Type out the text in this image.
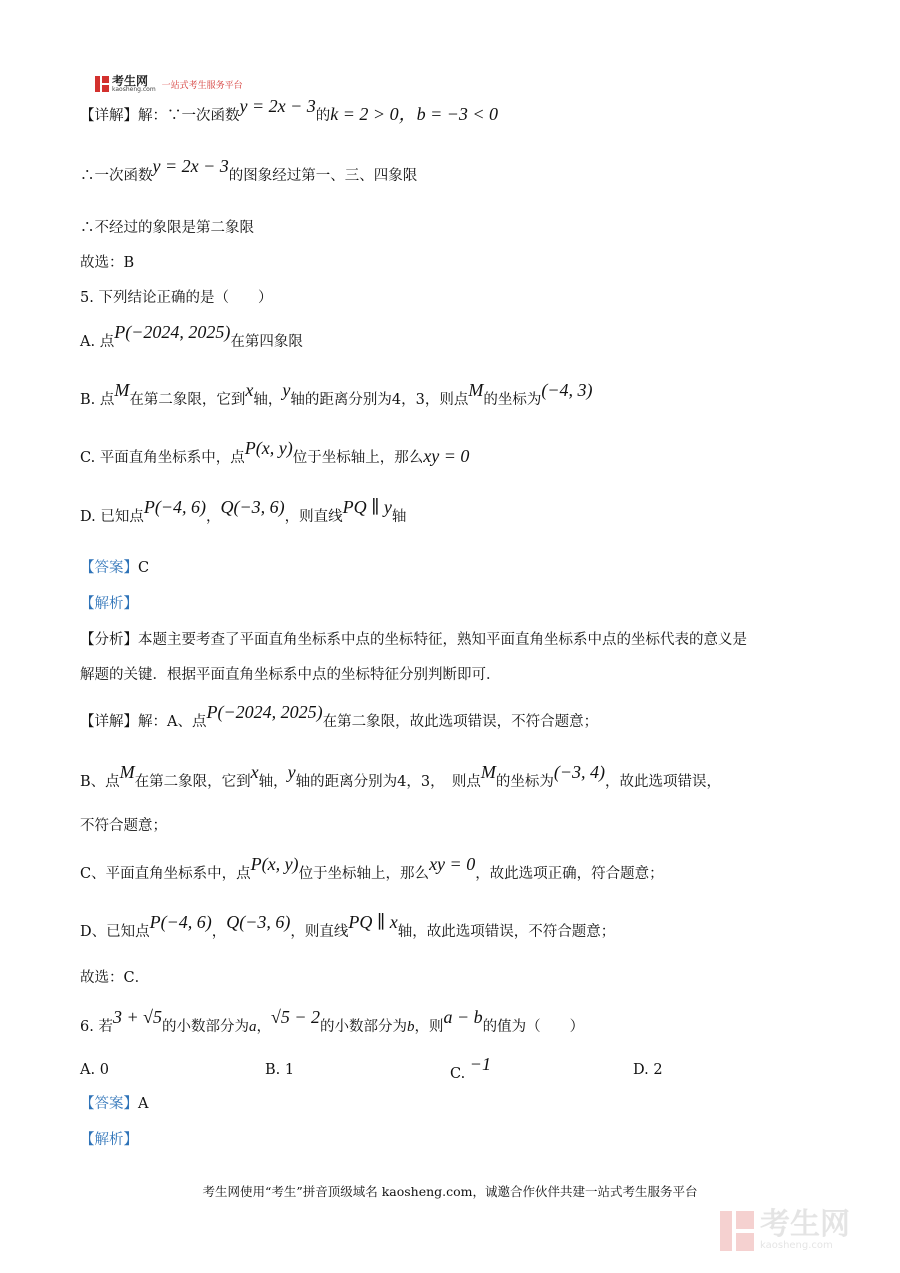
考生网
kaosheng.com 一站式考生服务平台
【详解】解：∵一次函数y = 2x − 3的k = 2 > 0，b = −3 < 0
∴一次函数y = 2x − 3的图象经过第一、三、四象限
∴不经过的象限是第二象限
故选：B
5. 下列结论正确的是（　　）
A. 点P(−2024, 2025)在第四象限
B. 点M在第二象限，它到x轴，y轴的距离分别为4，3，则点M的坐标为(−4, 3)
C. 平面直角坐标系中，点P(x, y)位于坐标轴上，那么xy = 0
D. 已知点P(−4, 6)，Q(−3, 6)，则直线PQ ∥ y轴
【答案】C
【解析】
【分析】本题主要考查了平面直角坐标系中点的坐标特征，熟知平面直角坐标系中点的坐标代表的意义是
解题的关键．根据平面直角坐标系中点的坐标特征分别判断即可．
【详解】解：A、点P(−2024, 2025)在第二象限，故此选项错误，不符合题意；
B、点M在第二象限，它到x轴，y轴的距离分别为4，3，　则点M的坐标为(−3, 4)，故此选项错误，
不符合题意；
C、平面直角坐标系中，点P(x, y)位于坐标轴上，那么xy = 0，故此选项正确，符合题意；
D、已知点P(−4, 6)，Q(−3, 6)，则直线PQ ∥ x轴，故此选项错误，不符合题意；
故选：C．
6. 若3 + √5的小数部分为a，√5 − 2的小数部分为b，则a − b的值为（　　）
A. 0	B. 1	C. −1	D. 2
【答案】A
【解析】
考生网使用“考生”拼音顶级域名 kaosheng.com，诚邀合作伙伴共建一站式考生服务平台
考生网
kaosheng.com
